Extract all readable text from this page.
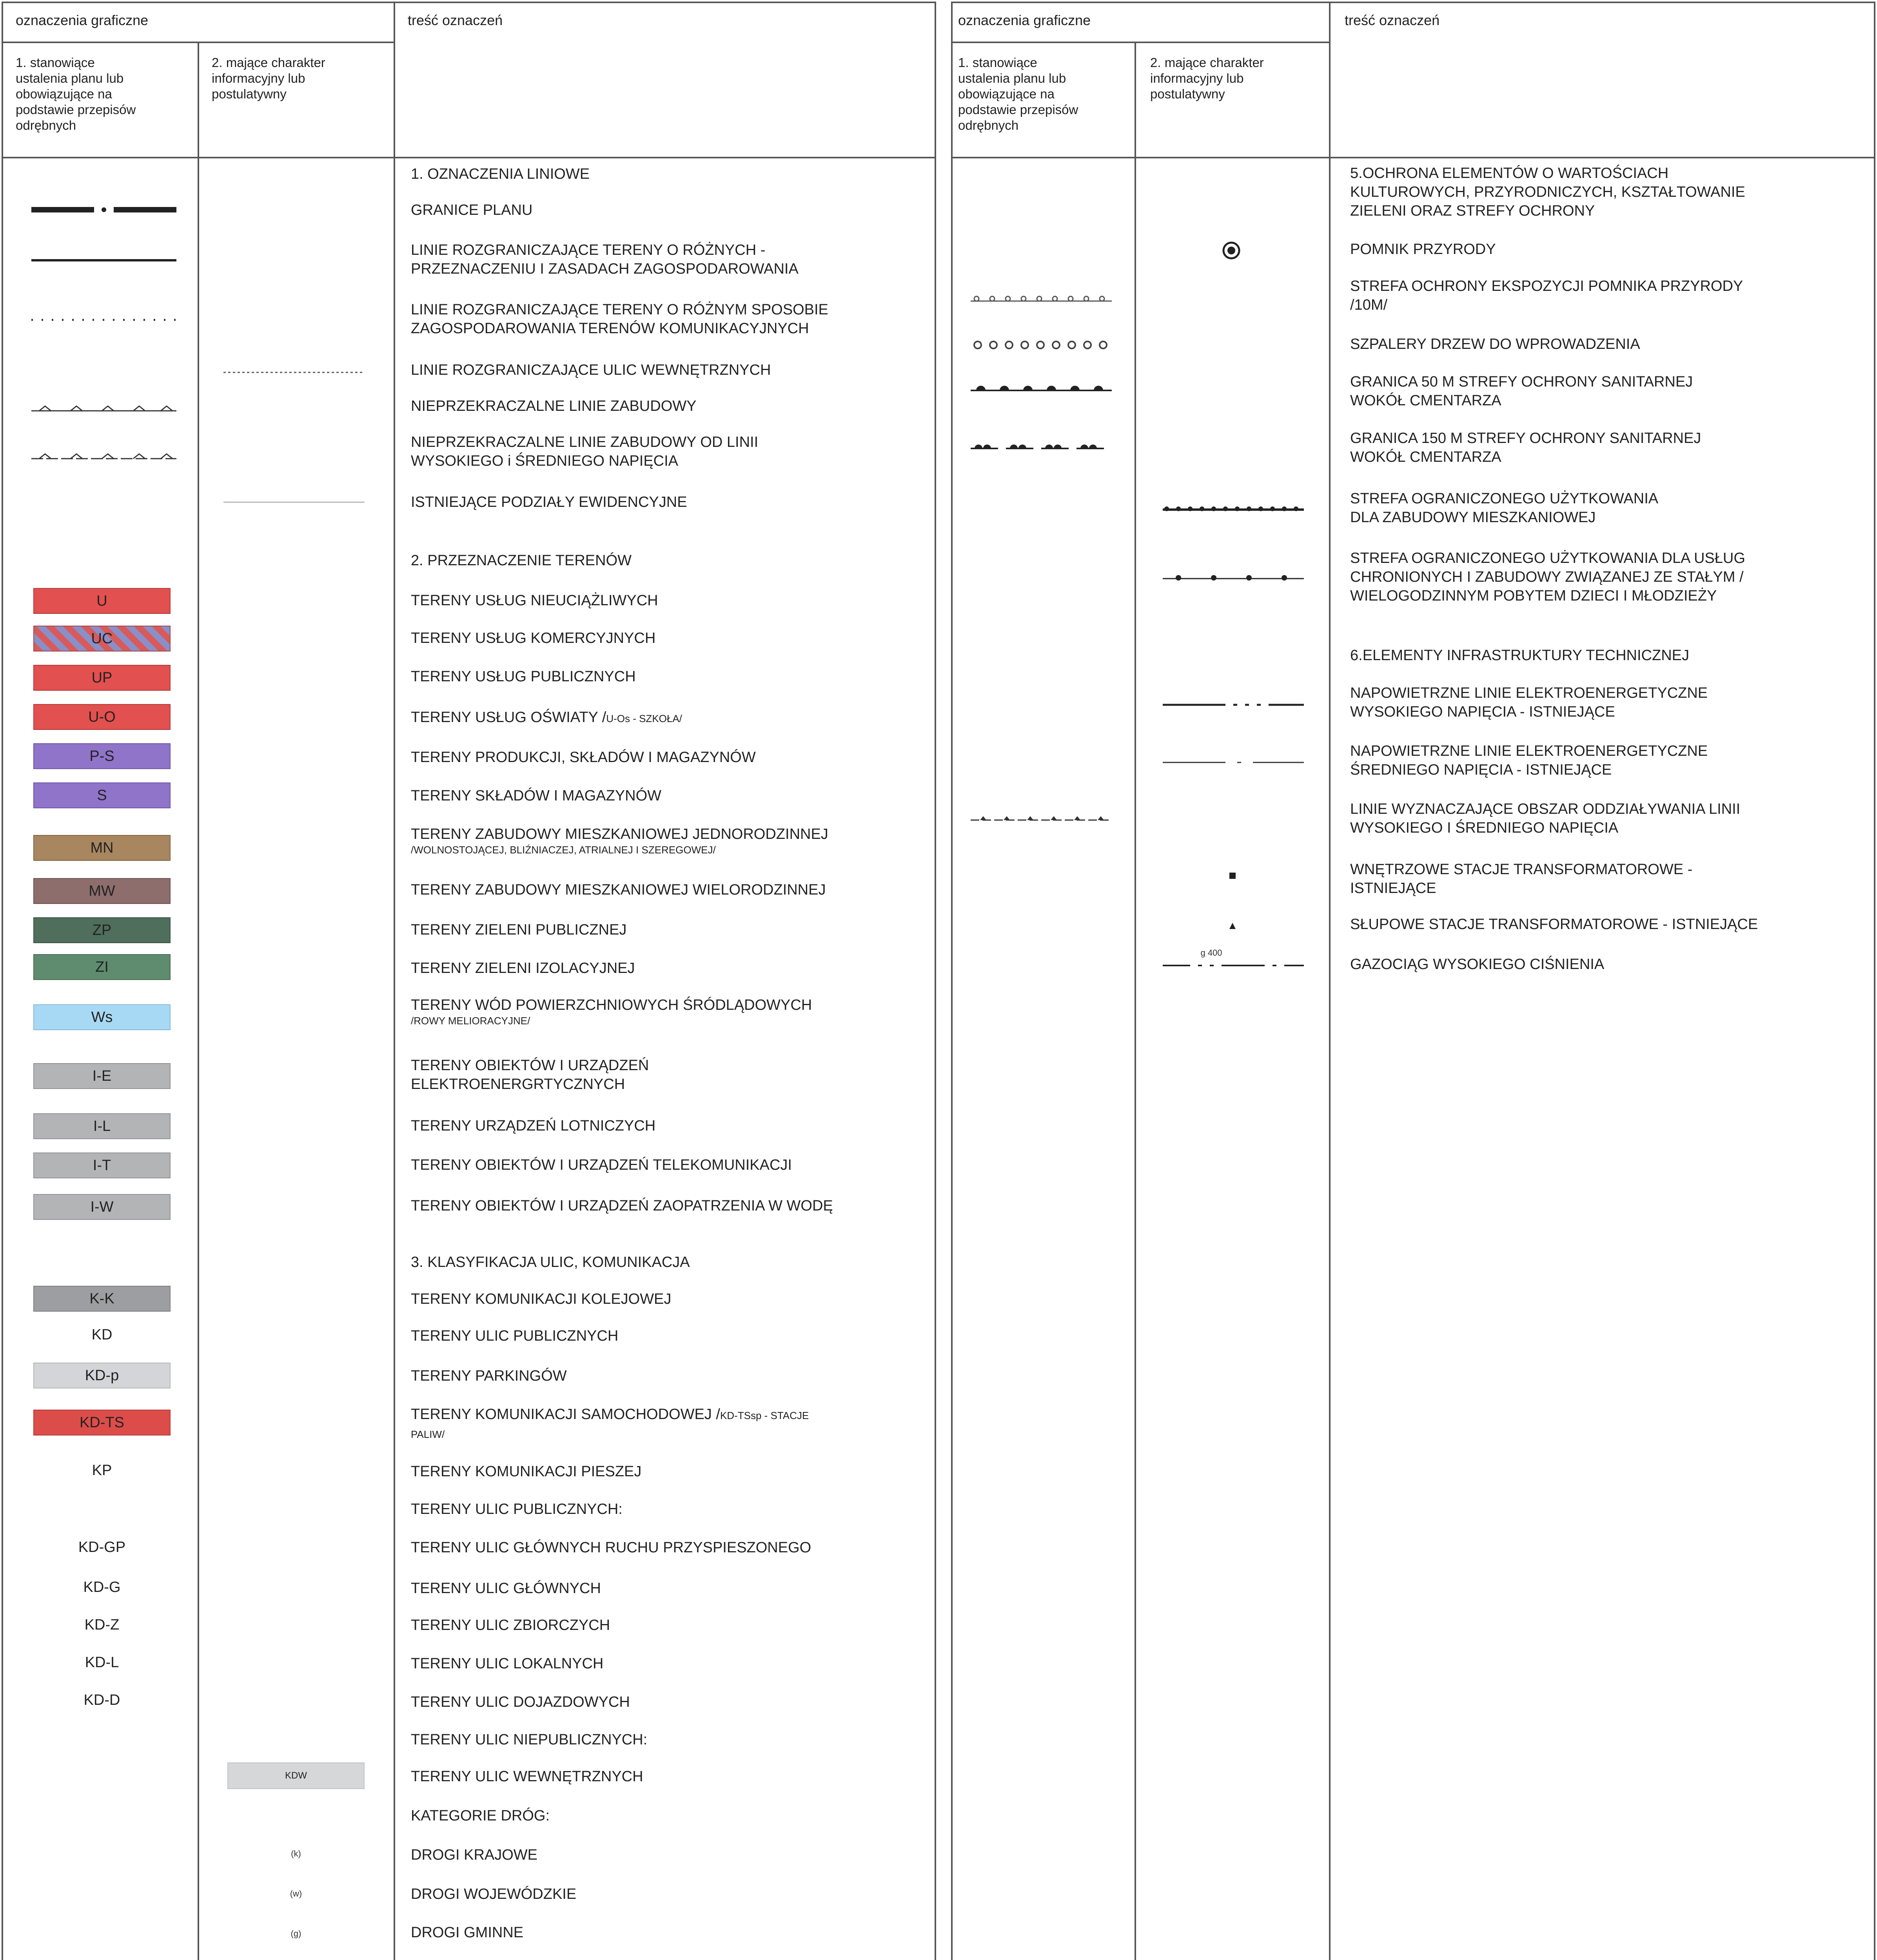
oznaczenia graficzne	treść oznaczeń
1. stanowiące
ustalenia planu lub
obowiązujące na
podstawie przepisów
odrębnych
2. mające charakter
informacyjny lub
postulatywny
1. OZNACZENIA LINIOWE
GRANICE PLANU
LINIE ROZGRANICZAJĄCE TERENY O RÓŻNYCH -
PRZEZNACZENIU I ZASADACH ZAGOSPODAROWANIA
LINIE ROZGRANICZAJĄCE TERENY O RÓŻNYM SPOSOBIE
ZAGOSPODAROWANIA TERENÓW KOMUNIKACYJNYCH
LINIE ROZGRANICZAJĄCE ULIC WEWNĘTRZNYCH
NIEPRZEKRACZALNE LINIE ZABUDOWY
NIEPRZEKRACZALNE LINIE ZABUDOWY OD LINII
WYSOKIEGO i ŚREDNIEGO NAPIĘCIA
ISTNIEJĄCE PODZIAŁY EWIDENCYJNE
2. PRZEZNACZENIE TERENÓW
TERENY USŁUG NIEUCIĄŻLIWYCH
TERENY USŁUG KOMERCYJNYCH
TERENY USŁUG PUBLICZNYCH
TERENY USŁUG OŚWIATY /U-Os - SZKOŁA/
TERENY PRODUKCJI, SKŁADÓW I MAGAZYNÓW
TERENY SKŁADÓW I MAGAZYNÓW
TERENY ZABUDOWY MIESZKANIOWEJ JEDNORODZINNEJ
/WOLNOSTOJĄCEJ, BLIŹNIACZEJ, ATRIALNEJ I SZEREGOWEJ/
TERENY ZABUDOWY MIESZKANIOWEJ WIELORODZINNEJ
TERENY ZIELENI PUBLICZNEJ
TERENY ZIELENI IZOLACYJNEJ
TERENY WÓD POWIERZCHNIOWYCH ŚRÓDLĄDOWYCH
/ROWY MELIORACYJNE/
TERENY OBIEKTÓW I URZĄDZEŃ
ELEKTROENERGRTYCZNYCH
TERENY URZĄDZEŃ LOTNICZYCH
TERENY OBIEKTÓW I URZĄDZEŃ TELEKOMUNIKACJI
TERENY OBIEKTÓW I URZĄDZEŃ ZAOPATRZENIA W WODĘ
3. KLASYFIKACJA ULIC, KOMUNIKACJA
TERENY KOMUNIKACJI KOLEJOWEJ
TERENY ULIC PUBLICZNYCH
TERENY PARKINGÓW
TERENY KOMUNIKACJI SAMOCHODOWEJ /KD-TSsp - STACJE
PALIW/
TERENY KOMUNIKACJI PIESZEJ
TERENY ULIC PUBLICZNYCH:
TERENY ULIC GŁÓWNYCH RUCHU PRZYSPIESZONEGO
TERENY ULIC GŁÓWNYCH
TERENY ULIC ZBIORCZYCH
TERENY ULIC LOKALNYCH
TERENY ULIC DOJAZDOWYCH
TERENY ULIC NIEPUBLICZNYCH:
TERENY ULIC WEWNĘTRZNYCH
KATEGORIE DRÓG:
DROGI KRAJOWE
DROGI WOJEWÓDZKIE
DROGI GMINNE
U
UC
UP
U-O
P-S
S
MN
MW
ZP
ZI
Ws
I-E
I-L
I-T
I-W
K-K
KD
KD-p
KD-TS
KP
KD-GP
KD-G
KD-Z
KD-L
KD-D
KDW
(k)
(w)
(g)
oznaczenia graficzne	treść oznaczeń
1. stanowiące
ustalenia planu lub
obowiązujące na
podstawie przepisów
odrębnych
2. mające charakter
informacyjny lub
postulatywny
5.OCHRONA ELEMENTÓW O WARTOŚCIACH
KULTUROWYCH, PRZYRODNICZYCH, KSZTAŁTOWANIE
ZIELENI ORAZ STREFY OCHRONY
POMNIK PRZYRODY
STREFA OCHRONY EKSPOZYCJI POMNIKA PRZYRODY
/10M/
SZPALERY DRZEW DO WPROWADZENIA
GRANICA 50 M STREFY OCHRONY SANITARNEJ
WOKÓŁ CMENTARZA
GRANICA 150 M STREFY OCHRONY SANITARNEJ
WOKÓŁ CMENTARZA
STREFA OGRANICZONEGO UŻYTKOWANIA
DLA ZABUDOWY MIESZKANIOWEJ
STREFA OGRANICZONEGO UŻYTKOWANIA DLA USŁUG
CHRONIONYCH I ZABUDOWY ZWIĄZANEJ ZE STAŁYM /
WIELOGODZINNYM POBYTEM DZIECI I MŁODZIEŻY
6.ELEMENTY INFRASTRUKTURY TECHNICZNEJ
NAPOWIETRZNE LINIE ELEKTROENERGETYCZNE
WYSOKIEGO NAPIĘCIA - ISTNIEJĄCE
NAPOWIETRZNE LINIE ELEKTROENERGETYCZNE
ŚREDNIEGO NAPIĘCIA - ISTNIEJĄCE
LINIE WYZNACZAJĄCE OBSZAR ODDZIAŁYWANIA LINII
WYSOKIEGO I ŚREDNIEGO NAPIĘCIA
WNĘTRZOWE STACJE TRANSFORMATOROWE -
ISTNIEJĄCE
SŁUPOWE STACJE TRANSFORMATOROWE - ISTNIEJĄCE
GAZOCIĄG WYSOKIEGO CIŚNIENIA
g 400
